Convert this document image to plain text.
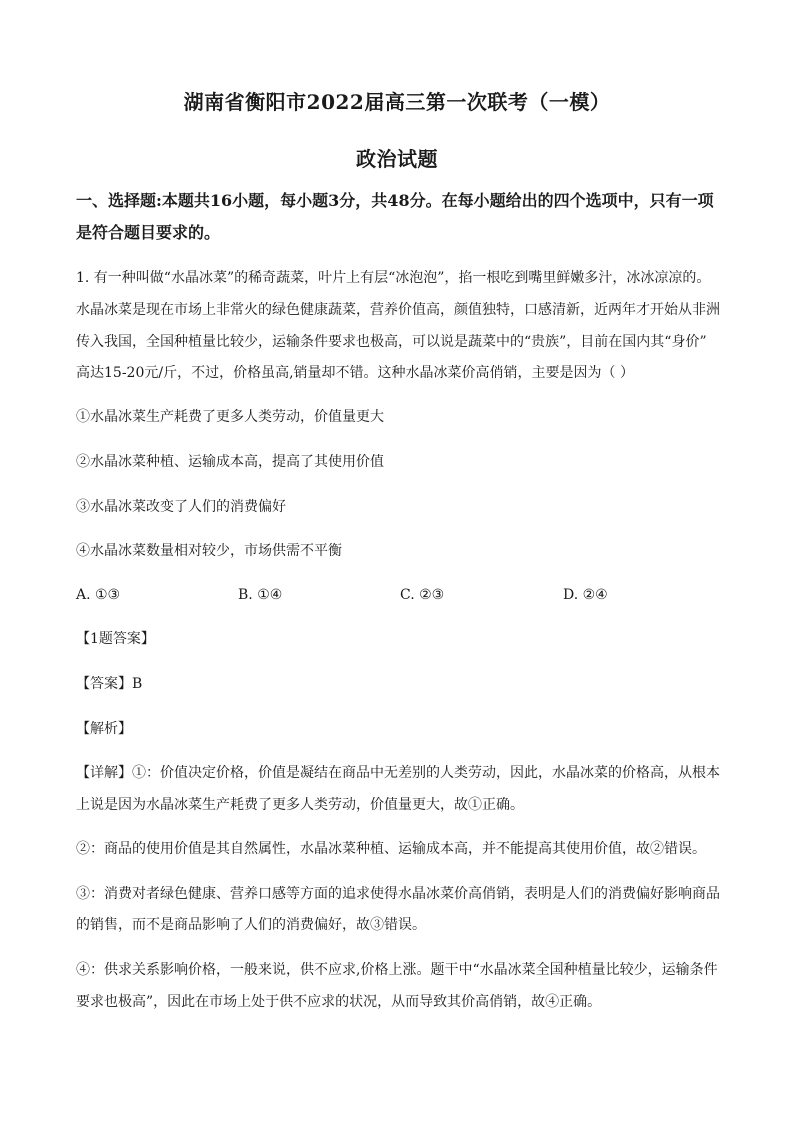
湖南省衡阳市2022届高三第一次联考（一模）
政治试题
一、选择题:本题共16小题，每小题3分，共48分。在每小题给出的四个选项中，只有一项
是符合题目要求的。
1. 有一种叫做“水晶冰菜”的稀奇蔬菜，叶片上有层“冰泡泡”，掐一根吃到嘴里鲜嫩多汁，冰冰凉凉的。
水晶冰菜是现在市场上非常火的绿色健康蔬菜，营养价值高，颜值独特，口感清新，近两年才开始从非洲
传入我国，全国种植量比较少，运输条件要求也极高，可以说是蔬菜中的“贵族”，目前在国内其“身价”
高达15-20元/斤，不过，价格虽高,销量却不错。这种水晶冰菜价高俏销，主要是因为（ ）
①水晶冰菜生产耗费了更多人类劳动，价值量更大
②水晶冰菜种植、运输成本高，提高了其使用价值
③水晶冰菜改变了人们的消费偏好
④水晶冰菜数量相对较少，市场供需不平衡
A. ①③	B. ①④	C. ②③	D. ②④
【1题答案】
【答案】B
【解析】
【详解】①：价值决定价格，价值是凝结在商品中无差别的人类劳动，因此，水晶冰菜的价格高，从根本
上说是因为水晶冰菜生产耗费了更多人类劳动，价值量更大，故①正确。
②：商品的使用价值是其自然属性，水晶冰菜种植、运输成本高，并不能提高其使用价值，故②错误。
③：消费对者绿色健康、营养口感等方面的追求使得水晶冰菜价高俏销，表明是人们的消费偏好影响商品
的销售，而不是商品影响了人们的消费偏好，故③错误。
④：供求关系影响价格，一般来说，供不应求,价格上涨。题干中“水晶冰菜全国种植量比较少，运输条件
要求也极高”，因此在市场上处于供不应求的状况，从而导致其价高俏销，故④正确。
